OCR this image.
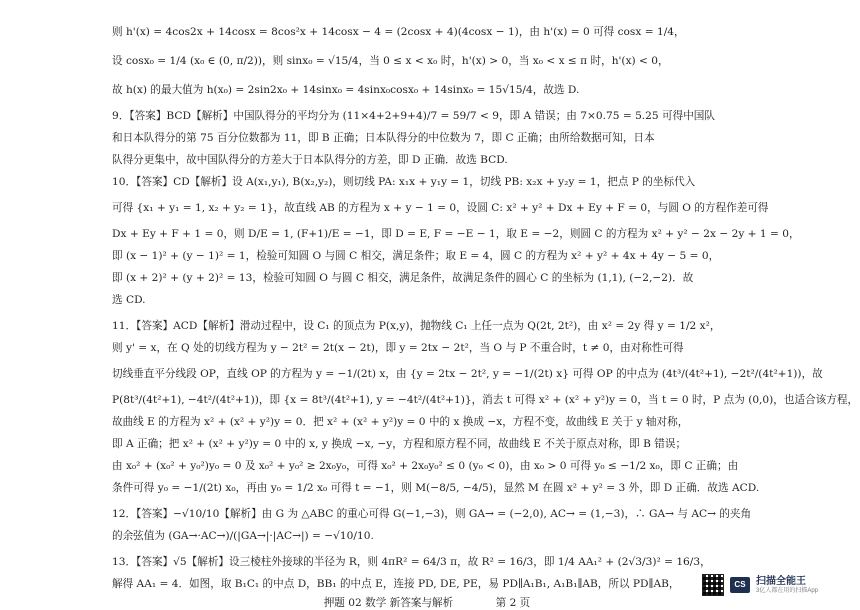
则 h'(x) = 4cos2x + 14cosx = 8cos²x + 14cosx − 4 = (2cosx + 4)(4cosx − 1)，由 h'(x) = 0 可得 cosx = 1/4，

设 cosx₀ = 1/4 (x₀ ∈ (0, π/2))，则 sinx₀ = √15/4，当 0 ≤ x < x₀ 时，h'(x) > 0，当 x₀ < x ≤ π 时，h'(x) < 0，

故 h(x) 的最大值为 h(x₀) = 2sin2x₀ + 14sinx₀ = 4sinx₀cosx₀ + 14sinx₀ = 15√15/4，故选 D.

9．【答案】BCD【解析】中国队得分的平均分为 (11×4+2+9+4)/7 = 59/7 < 9，即 A 错误；由 7×0.75 = 5.25 可得中国队

和日本队得分的第 75 百分位数都为 11，即 B 正确；日本队得分的中位数为 7，即 C 正确；由所给数据可知，日本

队得分更集中，故中国队得分的方差大于日本队得分的方差，即 D 正确．故选 BCD.

10．【答案】CD【解析】设 A(x₁,y₁), B(x₂,y₂)，则切线 PA: x₁x + y₁y = 1，切线 PB: x₂x + y₂y = 1，把点 P 的坐标代入

可得 {x₁ + y₁ = 1, x₂ + y₂ = 1}，故直线 AB 的方程为 x + y − 1 = 0，设圆 C: x² + y² + Dx + Ey + F = 0，与圆 O 的方程作差可得

Dx + Ey + F + 1 = 0，则 D/E = 1, (F+1)/E = −1，即 D = E, F = −E − 1，取 E = −2，则圆 C 的方程为 x² + y² − 2x − 2y + 1 = 0，

即 (x − 1)² + (y − 1)² = 1，检验可知圆 O 与圆 C 相交，满足条件；取 E = 4，圆 C 的方程为 x² + y² + 4x + 4y − 5 = 0，

即 (x + 2)² + (y + 2)² = 13，检验可知圆 O 与圆 C 相交，满足条件，故满足条件的圆心 C 的坐标为 (1,1), (−2,−2)．故

选 CD.

11．【答案】ACD【解析】滑动过程中，设 C₁ 的顶点为 P(x,y)，抛物线 C₁ 上任一点为 Q(2t, 2t²)，由 x² = 2y 得 y = 1/2 x²，

则 y' = x，在 Q 处的切线方程为 y − 2t² = 2t(x − 2t)，即 y = 2tx − 2t²，当 O 与 P 不重合时，t ≠ 0，由对称性可得

切线垂直平分线段 OP，直线 OP 的方程为 y = −1/(2t) x，由 {y = 2tx − 2t², y = −1/(2t) x} 可得 OP 的中点为 (4t³/(4t²+1), −2t²/(4t²+1))，故

P(8t³/(4t²+1), −4t²/(4t²+1))，即 {x = 8t³/(4t²+1), y = −4t²/(4t²+1)}，消去 t 可得 x² + (x² + y²)y = 0，当 t = 0 时，P 点为 (0,0)，也适合该方程，

故曲线 E 的方程为 x² + (x² + y²)y = 0．把 x² + (x² + y²)y = 0 中的 x 换成 −x，方程不变，故曲线 E 关于 y 轴对称，

即 A 正确；把 x² + (x² + y²)y = 0 中的 x, y 换成 −x, −y，方程和原方程不同，故曲线 E 不关于原点对称，即 B 错误；

由 x₀² + (x₀² + y₀²)y₀ = 0 及 x₀² + y₀² ≥ 2x₀y₀，可得 x₀² + 2x₀y₀² ≤ 0 (y₀ < 0)，由 x₀ > 0 可得 y₀ ≤ −1/2 x₀，即 C 正确；由

条件可得 y₀ = −1/(2t) x₀，再由 y₀ = 1/2 x₀ 可得 t = −1，则 M(−8/5, −4/5)，显然 M 在圆 x² + y² = 3 外，即 D 正确．故选 ACD.

12．【答案】−√10/10【解析】由 G 为 △ABC 的重心可得 G(−1,−3)，则 GA→ = (−2,0), AC→ = (1,−3)，∴ GA→ 与 AC→ 的夹角

的余弦值为 (GA→·AC→)/(|GA→|·|AC→|) = −√10/10.

13．【答案】√5【解析】设三棱柱外接球的半径为 R，则 4πR² = 64/3 π，故 R² = 16/3，即 1/4 AA₁² + (2√3/3)² = 16/3，

解得 AA₁ = 4．如图，取 B₁C₁ 的中点 D，BB₁ 的中点 E，连接 PD, DE, PE，易 PD∥A₁B₁, A₁B₁∥AB，所以 PD∥AB，

押题 02 数学 新答案与解析　　　　第 2 页

CS	扫描全能王
3亿人都在用的扫描App
